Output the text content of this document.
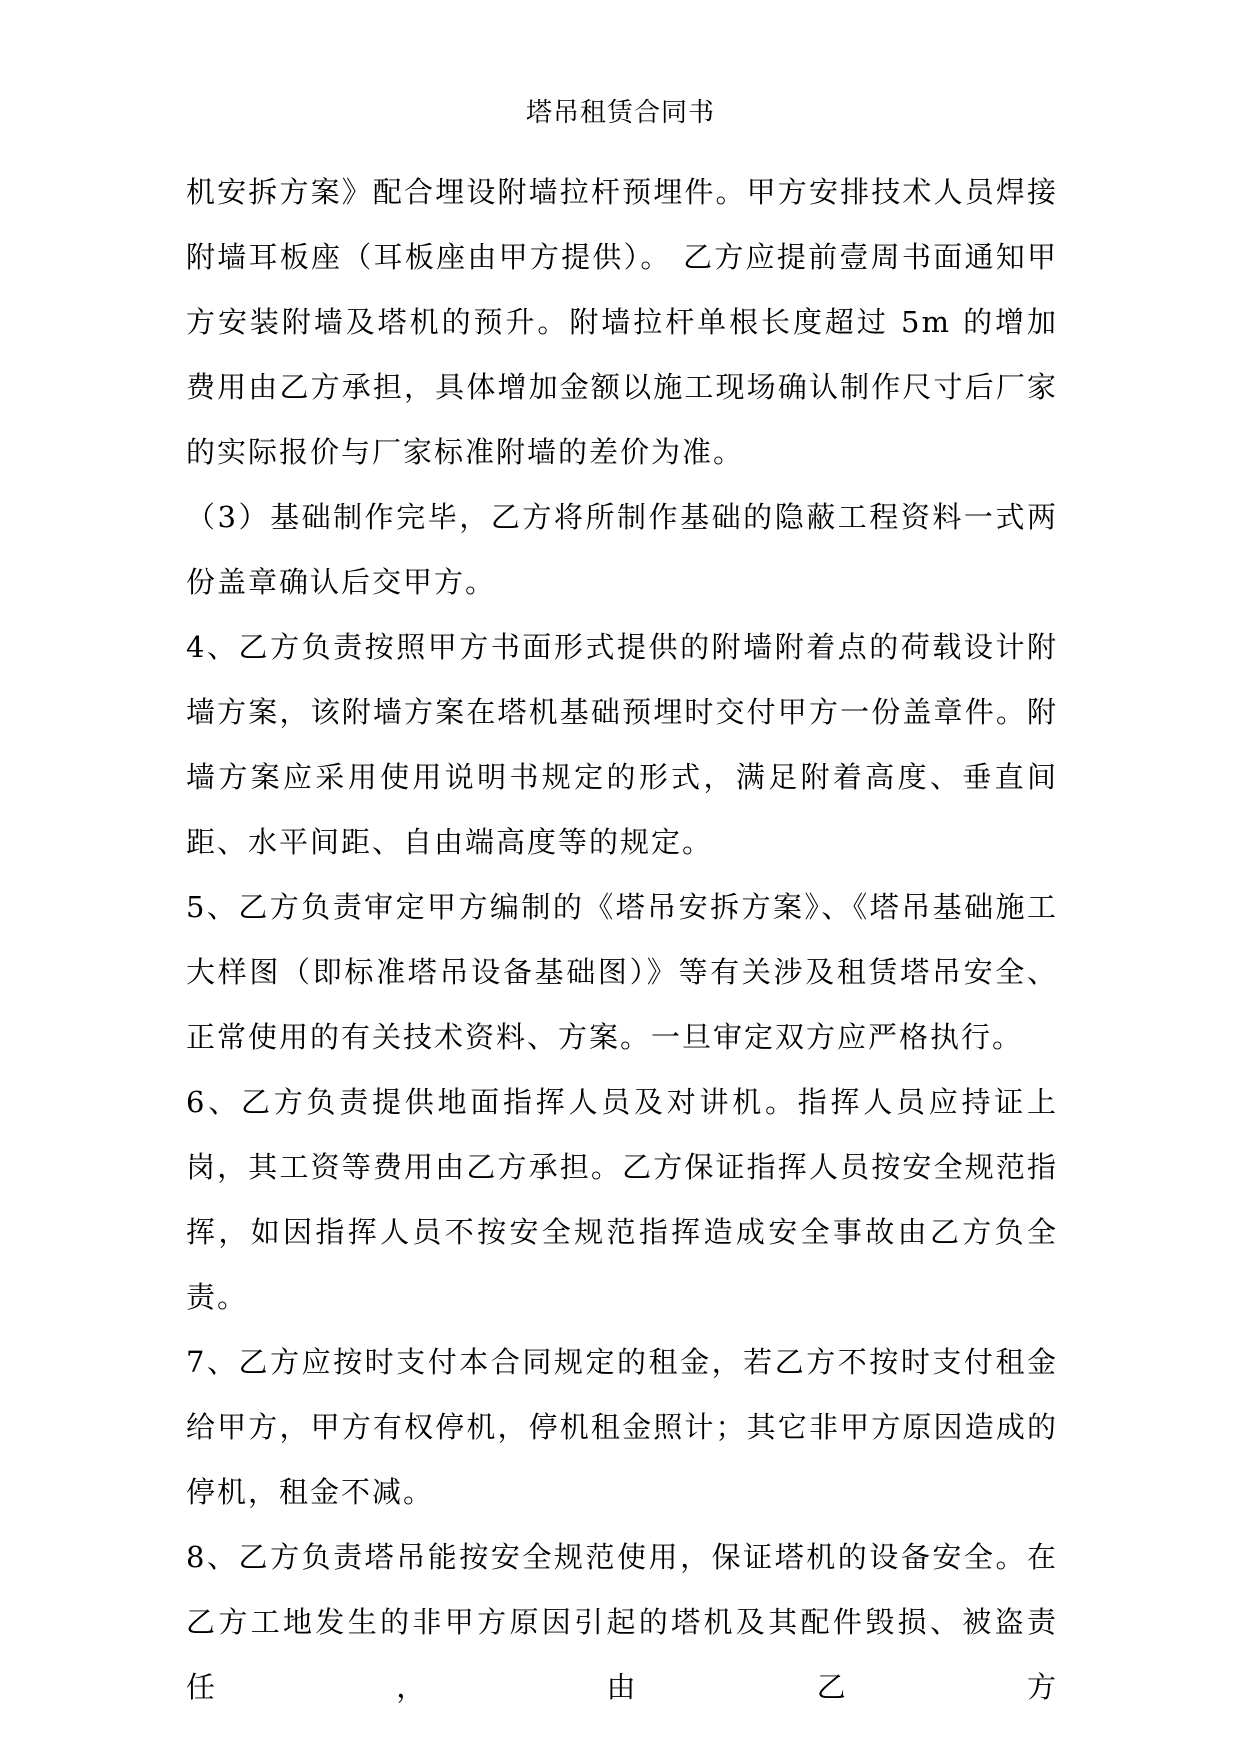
塔吊租赁合同书

机安拆方案》配合埋设附墙拉杆预埋件。甲方安排技术人员焊接附墙耳板座（耳板座由甲方提供）。 乙方应提前壹周书面通知甲方安装附墙及塔机的预升。附墙拉杆单根长度超过 5m 的增加费用由乙方承担，具体增加金额以施工现场确认制作尺寸后厂家的实际报价与厂家标准附墙的差价为准。

（3）基础制作完毕，乙方将所制作基础的隐蔽工程资料一式两份盖章确认后交甲方。

4、乙方负责按照甲方书面形式提供的附墙附着点的荷载设计附墙方案，该附墙方案在塔机基础预埋时交付甲方一份盖章件。附墙方案应采用使用说明书规定的形式，满足附着高度、垂直间距、水平间距、自由端高度等的规定。

5、乙方负责审定甲方编制的《塔吊安拆方案》、《塔吊基础施工大样图（即标准塔吊设备基础图）》等有关涉及租赁塔吊安全、正常使用的有关技术资料、方案。一旦审定双方应严格执行。

6、乙方负责提供地面指挥人员及对讲机。指挥人员应持证上岗，其工资等费用由乙方承担。乙方保证指挥人员按安全规范指挥，如因指挥人员不按安全规范指挥造成安全事故由乙方负全责。

7、乙方应按时支付本合同规定的租金，若乙方不按时支付租金给甲方，甲方有权停机，停机租金照计；其它非甲方原因造成的停机，租金不减。

8、乙方负责塔吊能按安全规范使用，保证塔机的设备安全。在乙方工地发生的非甲方原因引起的塔机及其配件毁损、被盗责任，由乙方
